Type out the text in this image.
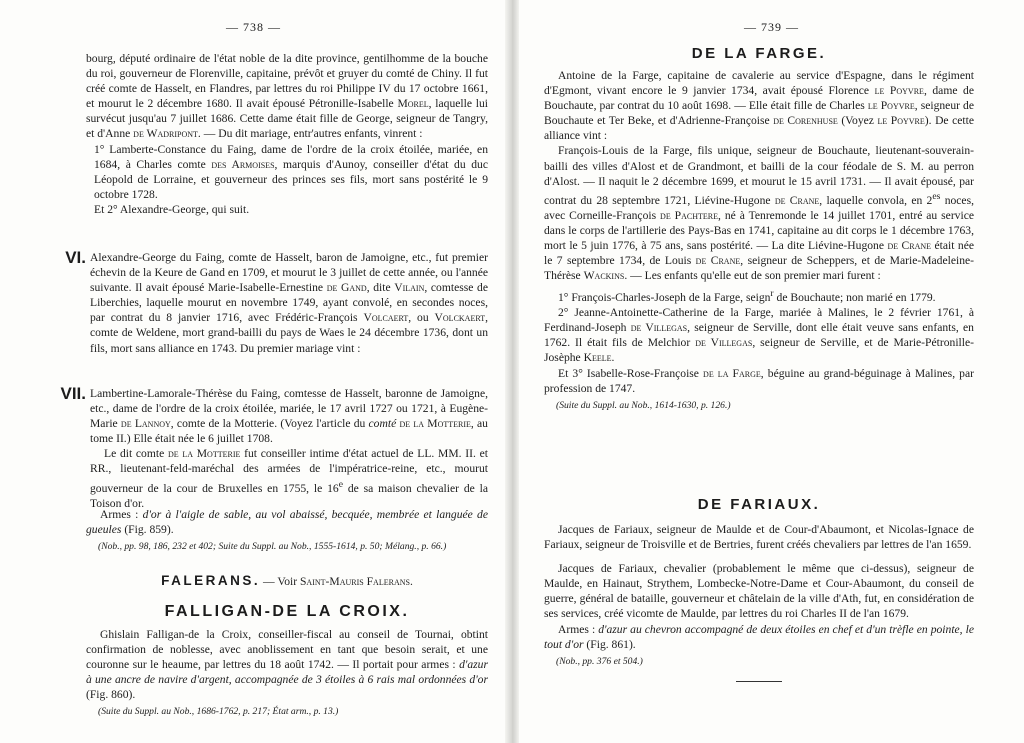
— 738 —

bourg, député ordinaire de l'état noble de la dite province, gentilhomme de la bouche du roi, gouverneur de Florenville, capitaine, prévôt et gruyer du comté de Chiny. Il fut créé comte de Hasselt, en Flandres, par lettres du roi Philippe IV du 17 octobre 1661, et mourut le 2 décembre 1680. Il avait épousé Pétronille-Isabelle Morel, laquelle lui survécut jusqu'au 7 juillet 1686. Cette dame était fille de George, seigneur de Tangry, et d'Anne de Wadripont. — Du dit mariage, entr'autres enfants, vinrent :

1° Lamberte-Constance du Faing, dame de l'ordre de la croix étoilée, mariée, en 1684, à Charles comte des Armoises, marquis d'Aunoy, conseiller d'état du duc Léopold de Lorraine, et gouverneur des princes ses fils, mort sans postérité le 9 octobre 1728.

Et 2° Alexandre-George, qui suit.

VI. Alexandre-George du Faing, comte de Hasselt, baron de Jamoigne, etc., fut premier échevin de la Keure de Gand en 1709, et mourut le 3 juillet de cette année, ou l'année suivante. Il avait épousé Marie-Isabelle-Ernestine de Gand, dite Vilain, comtesse de Liberchies, laquelle mourut en novembre 1749, ayant convolé, en secondes noces, par contrat du 8 janvier 1716, avec Frédéric-François Volcaert, ou Volckaert, comte de Weldene, mort grand-bailli du pays de Waes le 24 décembre 1736, dont un fils, mort sans alliance en 1743. Du premier mariage vint :

VII. Lambertine-Lamorale-Thérèse du Faing, comtesse de Hasselt, baronne de Jamoigne, etc., dame de l'ordre de la croix étoilée, mariée, le 17 avril 1727 ou 1721, à Eugène-Marie de Lannoy, comte de la Motterie. (Voyez l'article du comté de la Motterie, au tome II.) Elle était née le 6 juillet 1708.

Le dit comte de la Motterie fut conseiller intime d'état actuel de LL. MM. II. et RR., lieutenant-feld-maréchal des armées de l'impératrice-reine, etc., mourut gouverneur de la cour de Bruxelles en 1755, le 16e de sa maison chevalier de la Toison d'or.

Armes : d'or à l'aigle de sable, au vol abaissé, becquée, membrée et languée de gueules (Fig. 859).

(Nob., pp. 98, 186, 232 et 402; Suite du Suppl. au Nob., 1555-1614, p. 50; Mélang., p. 66.)

FALERANS. — Voir Saint-Mauris Falerans.
FALLIGAN-DE LA CROIX.

Ghislain Falligan-de la Croix, conseiller-fiscal au conseil de Tournai, obtint confirmation de noblesse, avec anoblissement en tant que besoin serait, et une couronne sur le heaume, par lettres du 18 août 1742. — Il portait pour armes : d'azur à une ancre de navire d'argent, accompagnée de 3 étoiles à 6 rais mal ordonnées d'or (Fig. 860).

(Suite du Suppl. au Nob., 1686-1762, p. 217; État arm., p. 13.)

— 739 —
DE LA FARGE.

Antoine de la Farge, capitaine de cavalerie au service d'Espagne, dans le régiment d'Egmont, vivant encore le 9 janvier 1734, avait épousé Florence le Poyvre, dame de Bouchaute, par contrat du 10 août 1698. — Elle était fille de Charles le Poyvre, seigneur de Bouchaute et Ter Beke, et d'Adrienne-Françoise de Corenhuse (Voyez le Poyvre). De cette alliance vint :

François-Louis de la Farge, fils unique, seigneur de Bouchaute, lieutenant-souverain-bailli des villes d'Alost et de Grandmont, et bailli de la cour féodale de S. M. au perron d'Alost. — Il naquit le 2 décembre 1699, et mourut le 15 avril 1731. — Il avait épousé, par contrat du 28 septembre 1721, Liévine-Hugone de Crane, laquelle convola, en $2^{es}$ noces, avec Corneille-François de Pachtere, né à Tenremonde le 14 juillet 1701, entré au service dans le corps de l'artillerie des Pays-Bas en 1741, capitaine au dit corps le 1 décembre 1763, mort le 5 juin 1776, à 75 ans, sans postérité. — La dite Liévine-Hugone de Crane était née le 7 septembre 1734, de Louis de Crane, seigneur de Scheppers, et de Marie-Madeleine-Thérèse Wackins. — Les enfants qu'elle eut de son premier mari furent :

1° François-Charles-Joseph de la Farge, seign$^r$ de Bouchaute; non marié en 1779.

2° Jeanne-Antoinette-Catherine de la Farge, mariée à Malines, le 2 février 1761, à Ferdinand-Joseph de Villegas, seigneur de Serville, dont elle était veuve sans enfants, en 1762. Il était fils de Melchior de Villegas, seigneur de Serville, et de Marie-Pétronille-Josèphe Keele.

Et 3° Isabelle-Rose-Françoise de la Farge, béguine au grand-béguinage à Malines, par profession de 1747.

(Suite du Suppl. au Nob., 1614-1630, p. 126.)

DE FARIAUX.

Jacques de Fariaux, seigneur de Maulde et de Cour-d'Abaumont, et Nicolas-Ignace de Fariaux, seigneur de Troisville et de Bertries, furent créés chevaliers par lettres de l'an 1659.

Jacques de Fariaux, chevalier (probablement le même que ci-dessus), seigneur de Maulde, en Hainaut, Strythem, Lombecke-Notre-Dame et Cour-Abaumont, du conseil de guerre, général de bataille, gouverneur et châtelain de la ville d'Ath, fut, en considération de ses services, créé vicomte de Maulde, par lettres du roi Charles II de l'an 1679.

Armes : d'azur au chevron accompagné de deux étoiles en chef et d'un trèfle en pointe, le tout d'or (Fig. 861).

(Nob., pp. 376 et 504.)
